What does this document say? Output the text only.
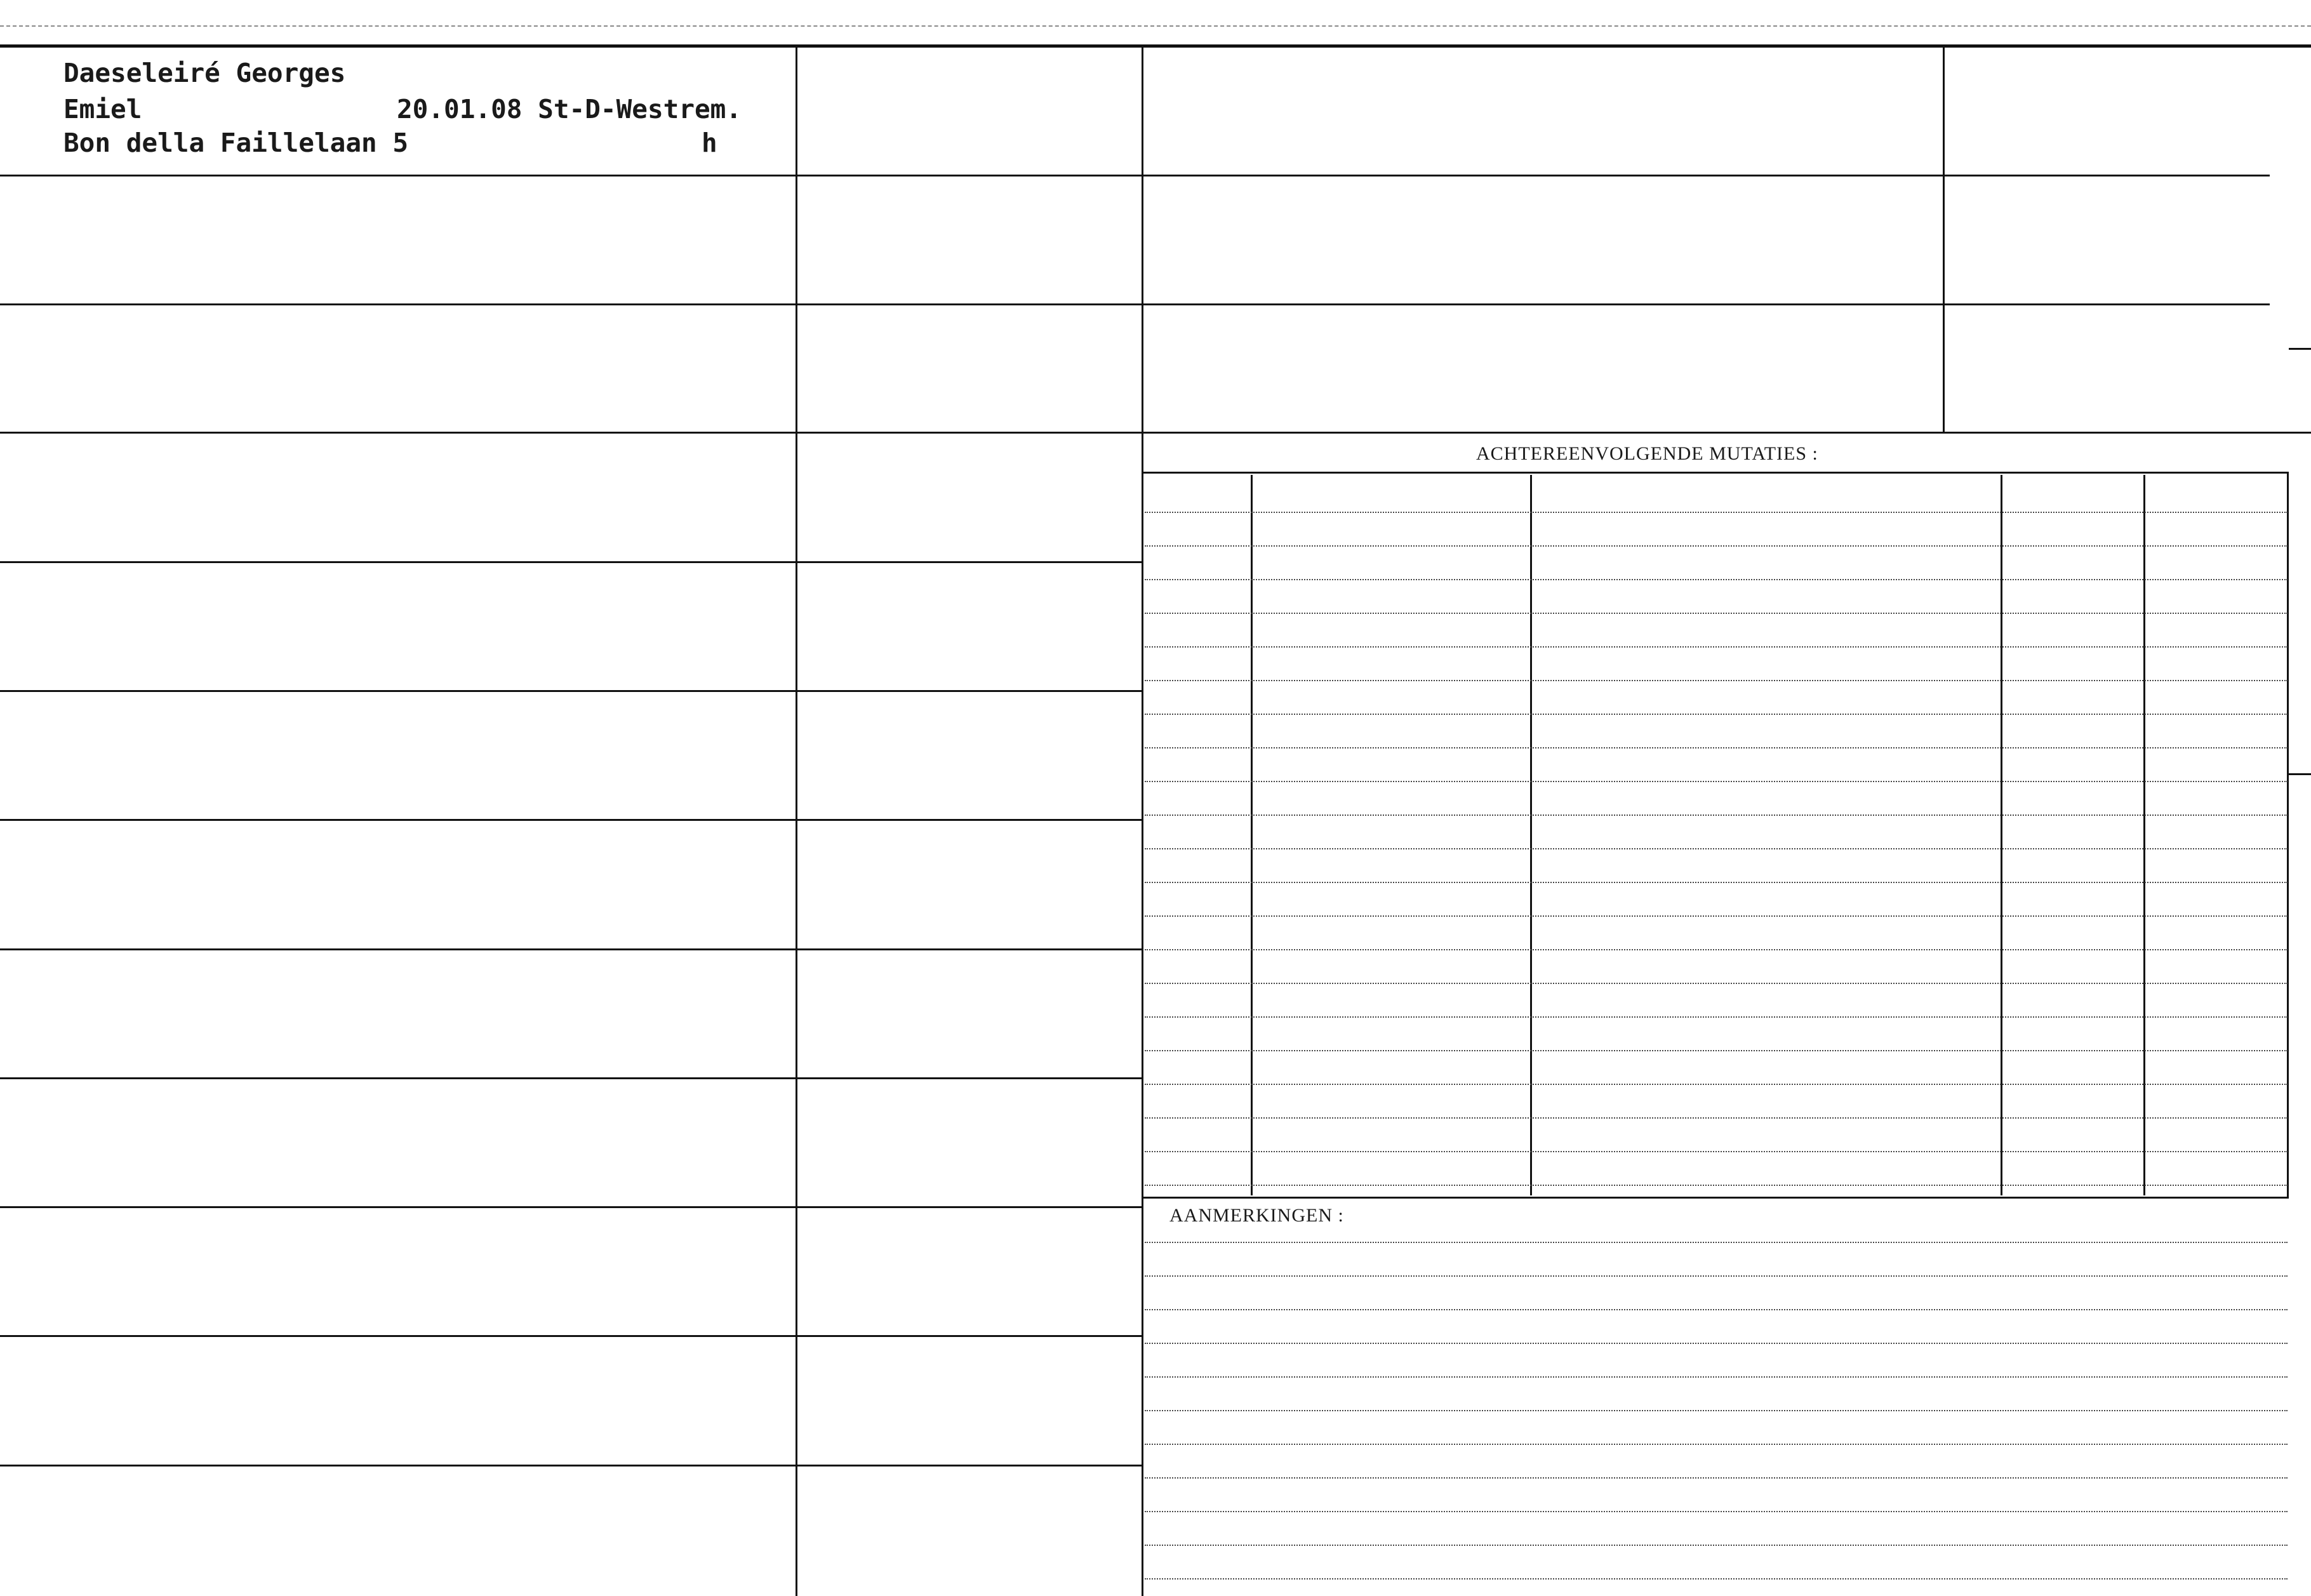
Daeseleiré Georges
Emiel	20.01.08 St-D-Westrem.
Bon della Faillelaan 5	h
ACHTEREENVOLGENDE MUTATIES :
AANMERKINGEN :
